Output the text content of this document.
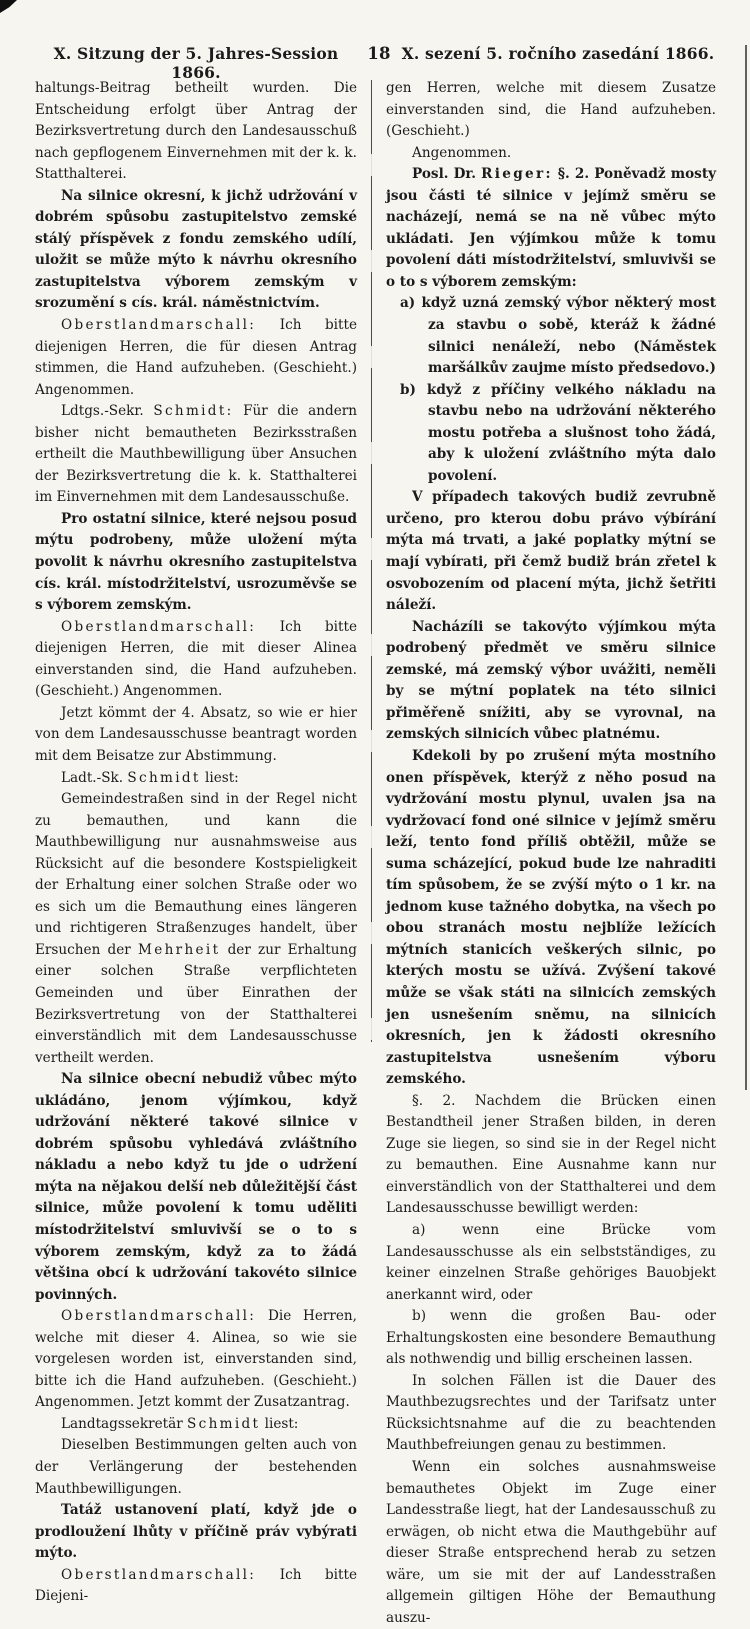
X. Sitzung der 5. Jahres-Session 1866.
18 X. sezení 5. ročního zasedání 1866.
haltungs-Beitrag betheilt wurden. Die Entscheidung erfolgt über Antrag der Bezirksvertretung durch den Landesausschuß nach gepflogenem Einvernehmen mit der k. k. Statthalterei.
Na silnice okresní, k jichž udržování v dobrém spůsobu zastupitelstvo zemské stálý příspěvek z fondu zemského udílí, uložit se může mýto k návrhu okresního zastupitelstva výborem zemským v srozumění s cís. král. náměstnictvím.
Oberstlandmarschall: Ich bitte diejenigen Herren, die für diesen Antrag stimmen, die Hand aufzuheben. (Geschieht.) Angenommen.
Ldtgs.-Sekr. Schmidt: Für die andern bisher nicht bemautheten Bezirksstraßen ertheilt die Mauthbewilligung über Ansuchen der Bezirksvertretung die k. k. Statthalterei im Einvernehmen mit dem Landesausschuße.
Pro ostatní silnice, které nejsou posud mýtu podrobeny, může uložení mýta povolit k návrhu okresního zastupitelstva cís. král. místodržitelství, usrozuměvše se s výborem zemským.
Oberstlandmarschall: Ich bitte diejenigen Herren, die mit dieser Alinea einverstanden sind, die Hand aufzuheben. (Geschieht.) Angenommen.
Jetzt kömmt der 4. Absatz, so wie er hier von dem Landesausschusse beantragt worden mit dem Beisatze zur Abstimmung.
Ladt.-Sk. Schmidt liest:
Gemeindestraßen sind in der Regel nicht zu bemauthen, und kann die Mauthbewilligung nur ausnahmsweise aus Rücksicht auf die besondere Kostspieligkeit der Erhaltung einer solchen Straße oder wo es sich um die Bemauthung eines längeren und richtigeren Straßenzuges handelt, über Ersuchen der Mehrheit der zur Erhaltung einer solchen Straße verpflichteten Gemeinden und über Einrathen der Bezirksvertretung von der Statthalterei einverständlich mit dem Landesausschusse vertheilt werden.
Na silnice obecní nebudiž vůbec mýto ukládáno, jenom výjímkou, když udržování některé takové silnice v dobrém spůsobu vyhledává zvláštního nákladu a nebo když tu jde o udržení mýta na nějakou delší neb důležitější část silnice, může povolení k tomu uděliti místodržitelství smluvivší se o to s výborem zemským, když za to žádá většina obcí k udržování takovéto silnice povinných.
Oberstlandmarschall: Die Herren, welche mit dieser 4. Alinea, so wie sie vorgelesen worden ist, einverstanden sind, bitte ich die Hand aufzuheben. (Geschieht.) Angenommen. Jetzt kommt der Zusatzantrag.
Landtagssekretär Schmidt liest:
Dieselben Bestimmungen gelten auch von der Verlängerung der bestehenden Mauthbewilligungen.
Tatáž ustanovení platí, když jde o prodloužení lhůty v příčině práv vybýrati mýto.
Oberstlandmarschall: Ich bitte Diejeni-
gen Herren, welche mit diesem Zusatze einverstanden sind, die Hand aufzuheben. (Geschieht.)
Angenommen.
Posl. Dr. Rieger: §. 2. Poněvadž mosty jsou části té silnice v jejímž směru se nacházejí, nemá se na ně vůbec mýto ukládati. Jen výjímkou může k tomu povolení dáti místodržitelství, smluvivši se o to s výborem zemským:
a) když uzná zemský výbor některý most za stavbu o sobě, kteráž k žádné silnici nenáleží, nebo (Náměstek maršálkův zaujme místo předsedovo.)
b) když z příčiny velkého nákladu na stavbu nebo na udržování některého mostu potřeba a slušnost toho žádá, aby k uložení zvláštního mýta dalo povolení.
V případech takových budiž zevrubně určeno, pro kterou dobu právo výbírání mýta má trvati, a jaké poplatky mýtní se mají vybírati, při čemž budiž brán zřetel k osvobozením od placení mýta, jichž šetřiti náleží.
Nacházíli se takovýto výjímkou mýta podrobený předmět ve směru silnice zemské, má zemský výbor uvážiti, neměli by se mýtní poplatek na této silnici přiměřeně snížiti, aby se vyrovnal, na zemských silnicích vůbec platnému.
Kdekoli by po zrušení mýta mostního onen příspěvek, kterýž z něho posud na vydržování mostu plynul, uvalen jsa na vydržovací fond oné silnice v jejímž směru leží, tento fond příliš obtěžil, může se suma scházející, pokud bude lze nahraditi tím spůsobem, že se zvýší mýto o 1 kr. na jednom kuse tažného dobytka, na všech po obou stranách mostu nejblíže ležících mýtních stanicích veškerých silnic, po kterých mostu se užívá. Zvýšení takové může se však státi na silnicích zemských jen usnešením sněmu, na silnicích okresních, jen k žádosti okresního zastupitelstva usnešením výboru zemského.
§. 2. Nachdem die Brücken einen Bestandtheil jener Straßen bilden, in deren Zuge sie liegen, so sind sie in der Regel nicht zu bemauthen. Eine Ausnahme kann nur einverständlich von der Statthalterei und dem Landesausschusse bewilligt werden:
a) wenn eine Brücke vom Landesausschusse als ein selbstständiges, zu keiner einzelnen Straße gehöriges Bauobjekt anerkannt wird, oder
b) wenn die großen Bau- oder Erhaltungskosten eine besondere Bemauthung als nothwendig und billig erscheinen lassen.
In solchen Fällen ist die Dauer des Mauthbezugsrechtes und der Tarifsatz unter Rücksichtsnahme auf die zu beachtenden Mauthbefreiungen genau zu bestimmen.
Wenn ein solches ausnahmsweise bemauthetes Objekt im Zuge einer Landesstraße liegt, hat der Landesausschuß zu erwägen, ob nicht etwa die Mauthgebühr auf dieser Straße entsprechend herab zu setzen wäre, um sie mit der auf Landesstraßen allgemein giltigen Höhe der Bemauthung auszu-
